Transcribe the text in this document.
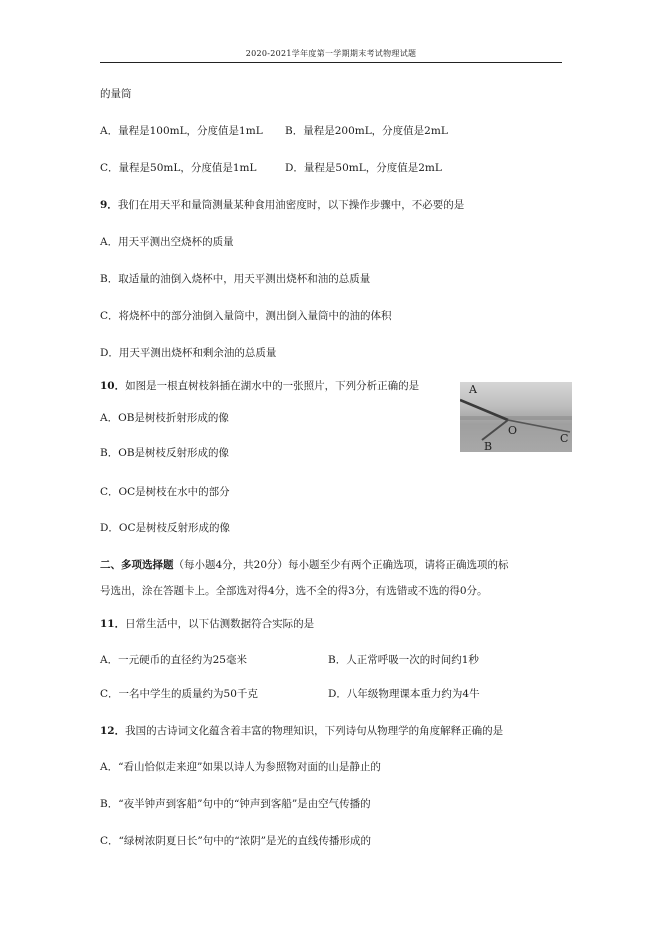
2020-2021学年度第一学期期末考试物理试题
的量筒
A．量程是100mL，分度值是1mL B．量程是200mL，分度值是2mL
C．量程是50mL，分度值是1mL	D．量程是50mL，分度值是2mL
9．我们在用天平和量筒测量某种食用油密度时，以下操作步骤中，不必要的是
A．用天平测出空烧杯的质量
B．取适量的油倒入烧杯中，用天平测出烧杯和油的总质量
C．将烧杯中的部分油倒入量筒中，测出倒入量筒中的油的体积
D．用天平测出烧杯和剩余油的总质量
10．如图是一根直树枝斜插在湖水中的一张照片，下列分析正确的是	A
O
B
C
A．OB是树枝折射形成的像
B．OB是树枝反射形成的像
C．OC是树枝在水中的部分
D．OC是树枝反射形成的像
二、多项选择题（每小题4分，共20分）每小题至少有两个正确选项，请将正确选项的标
号选出，涂在答题卡上。全部选对得4分，选不全的得3分，有选错或不选的得0分。
11．日常生活中，以下估测数据符合实际的是
A．一元硬币的直径约为25毫米	B．人正常呼吸一次的时间约1秒
C．一名中学生的质量约为50千克	D．八年级物理课本重力约为4牛
12．我国的古诗词文化蕴含着丰富的物理知识，下列诗句从物理学的角度解释正确的是
A．“看山恰似走来迎”如果以诗人为参照物对面的山是静止的
B．“夜半钟声到客船”句中的“钟声到客船”是由空气传播的
C．“绿树浓阴夏日长”句中的“浓阴”是光的直线传播形成的
